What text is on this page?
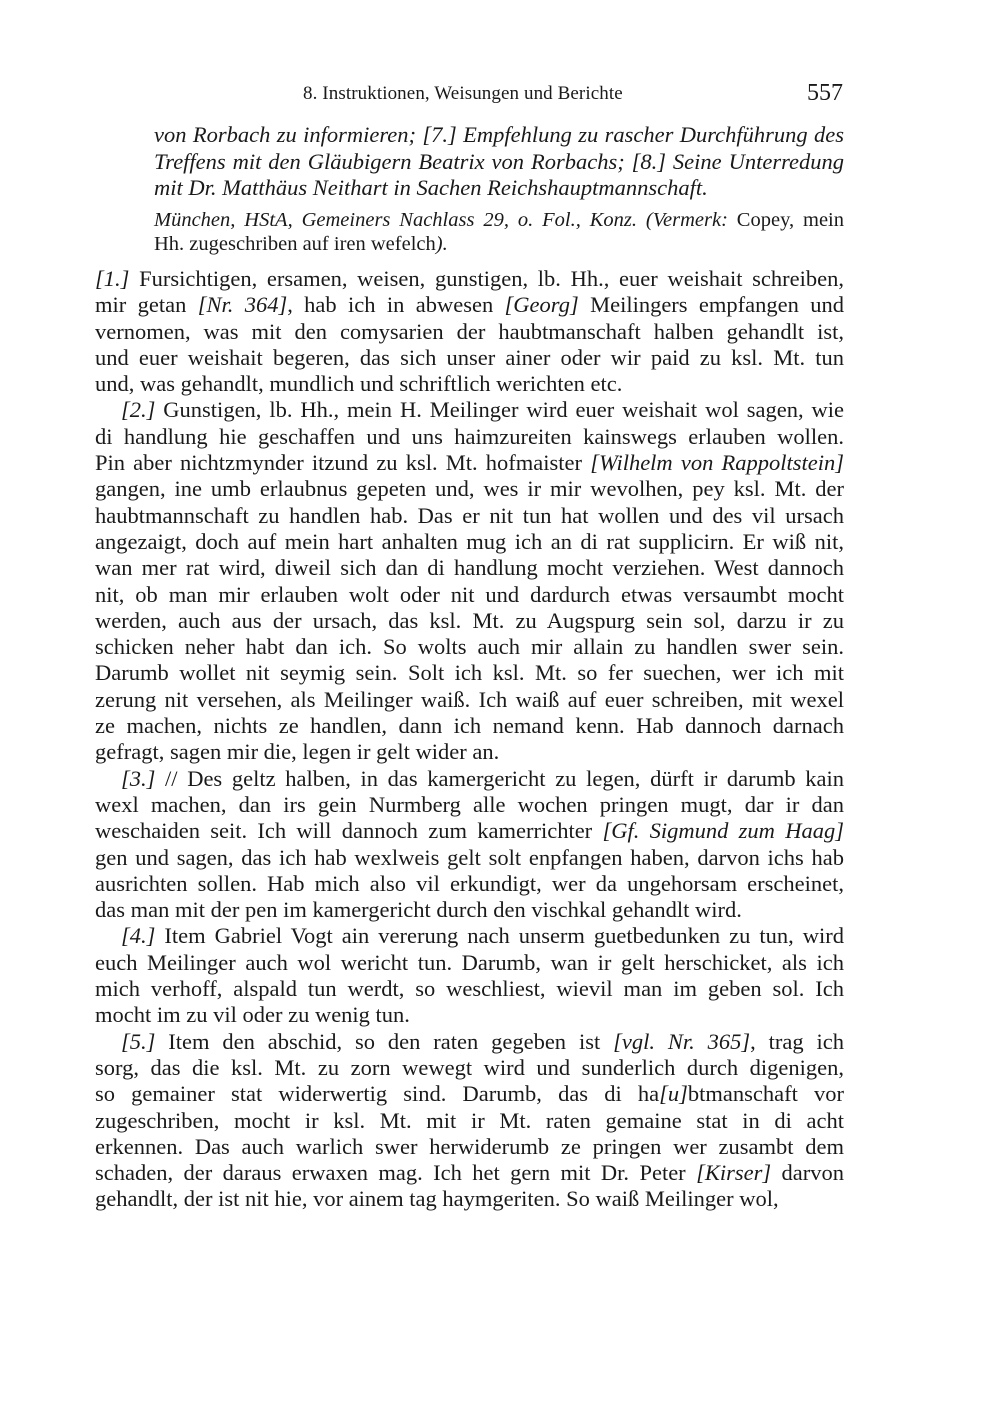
8. Instruktionen, Weisungen und Berichte	557
von Rorbach zu informieren; [7.] Empfehlung zu rascher Durchführung des
Treffens mit den Gläubigern Beatrix von Rorbachs; [8.] Seine Unterredung
mit Dr. Matthäus Neithart in Sachen Reichshauptmannschaft.
München, HStA, Gemeiners Nachlass 29, o. Fol., Konz. (Vermerk: Copey, mein
Hh. zugeschriben auf iren wefelch).
[1.] Fursichtigen, ersamen, weisen, gunstigen, lb. Hh., euer weishait schreiben,
mir getan [Nr. 364], hab ich in abwesen [Georg] Meilingers empfangen und
vernomen, was mit den comysarien der haubtmanschaft halben gehandlt ist,
und euer weishait begeren, das sich unser ainer oder wir paid zu ksl. Mt. tun
und, was gehandlt, mundlich und schriftlich werichten etc.
[2.] Gunstigen, lb. Hh., mein H. Meilinger wird euer weishait wol sagen, wie
di handlung hie geschaffen und uns haimzureiten kainswegs erlauben wollen.
Pin aber nichtzmynder itzund zu ksl. Mt. hofmaister [Wilhelm von Rappoltstein]
gangen, ine umb erlaubnus gepeten und, wes ir mir wevolhen, pey ksl. Mt. der
haubtmannschaft zu handlen hab. Das er nit tun hat wollen und des vil ursach
angezaigt, doch auf mein hart anhalten mug ich an di rat supplicirn. Er wiß nit,
wan mer rat wird, diweil sich dan di handlung mocht verziehen. West dannoch
nit, ob man mir erlauben wolt oder nit und dardurch etwas versaumbt mocht
werden, auch aus der ursach, das ksl. Mt. zu Augspurg sein sol, darzu ir zu
schicken neher habt dan ich. So wolts auch mir allain zu handlen swer sein.
Darumb wollet nit seymig sein. Solt ich ksl. Mt. so fer suechen, wer ich mit
zerung nit versehen, als Meilinger waiß. Ich waiß auf euer schreiben, mit wexel
ze machen, nichts ze handlen, dann ich nemand kenn. Hab dannoch darnach
gefragt, sagen mir die, legen ir gelt wider an.
[3.] // Des geltz halben, in das kamergericht zu legen, dürft ir darumb kain
wexl machen, dan irs gein Nurmberg alle wochen pringen mugt, dar ir dan
weschaiden seit. Ich will dannoch zum kamerrichter [Gf. Sigmund zum Haag]
gen und sagen, das ich hab wexlweis gelt solt enpfangen haben, darvon ichs hab
ausrichten sollen. Hab mich also vil erkundigt, wer da ungehorsam erscheinet,
das man mit der pen im kamergericht durch den vischkal gehandlt wird.
[4.] Item Gabriel Vogt ain vererung nach unserm guetbedunken zu tun, wird
euch Meilinger auch wol wericht tun. Darumb, wan ir gelt herschicket, als ich
mich verhoff, alspald tun werdt, so weschliest, wievil man im geben sol. Ich
mocht im zu vil oder zu wenig tun.
[5.] Item den abschid, so den raten gegeben ist [vgl. Nr. 365], trag ich
sorg, das die ksl. Mt. zu zorn wewegt wird und sunderlich durch digenigen,
so gemainer stat widerwertig sind. Darumb, das di ha[u]btmanschaft vor
zugeschriben, mocht ir ksl. Mt. mit ir Mt. raten gemaine stat in di acht
erkennen. Das auch warlich swer herwiderumb ze pringen wer zusambt dem
schaden, der daraus erwaxen mag. Ich het gern mit Dr. Peter [Kirser] darvon
gehandlt, der ist nit hie, vor ainem tag haymgeriten. So waiß Meilinger wol,
